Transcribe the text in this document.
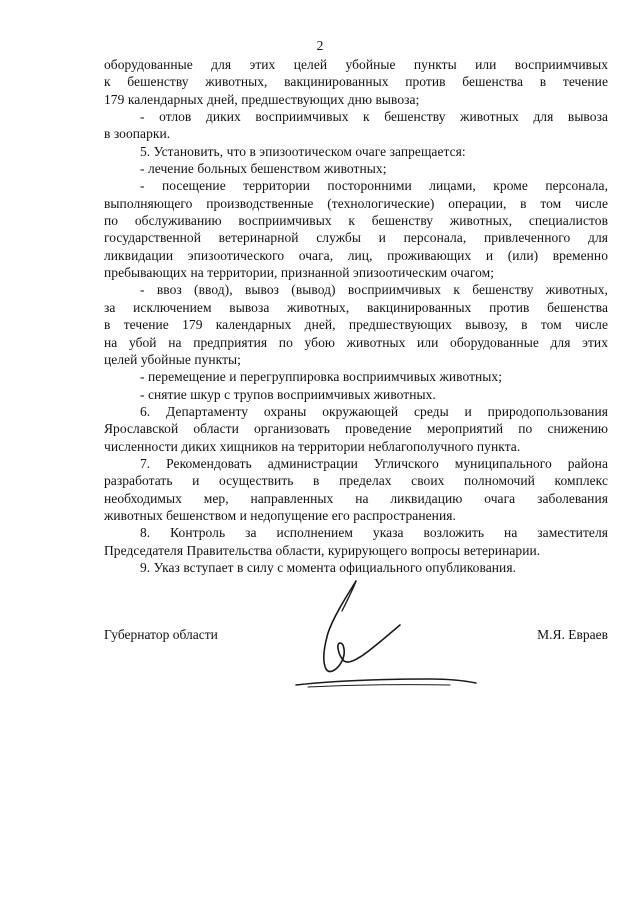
2
оборудованные для этих целей убойные пункты или восприимчивых
к бешенству животных, вакцинированных против бешенства в течение
179 календарных дней, предшествующих дню вывоза;
- отлов диких восприимчивых к бешенству животных для вывоза
в зоопарки.
5. Установить, что в эпизоотическом очаге запрещается:
- лечение больных бешенством животных;
- посещение территории посторонними лицами, кроме персонала,
выполняющего производственные (технологические) операции, в том числе
по обслуживанию восприимчивых к бешенству животных, специалистов
государственной ветеринарной службы и персонала, привлеченного для
ликвидации эпизоотического очага, лиц, проживающих и (или) временно
пребывающих на территории, признанной эпизоотическим очагом;
- ввоз (ввод), вывоз (вывод) восприимчивых к бешенству животных,
за исключением вывоза животных, вакцинированных против бешенства
в течение 179 календарных дней, предшествующих вывозу, в том числе
на убой на предприятия по убою животных или оборудованные для этих
целей убойные пункты;
- перемещение и перегруппировка восприимчивых животных;
- снятие шкур с трупов восприимчивых животных.
6. Департаменту охраны окружающей среды и природопользования
Ярославской области организовать проведение мероприятий по снижению
численности диких хищников на территории неблагополучного пункта.
7. Рекомендовать администрации Угличского муниципального района
разработать и осуществить в пределах своих полномочий комплекс
необходимых мер, направленных на ликвидацию очага заболевания
животных бешенством и недопущение его распространения.
8. Контроль за исполнением указа возложить на заместителя
Председателя Правительства области, курирующего вопросы ветеринарии.
9. Указ вступает в силу с момента официального опубликования.
Губернатор области	М.Я. Евраев
